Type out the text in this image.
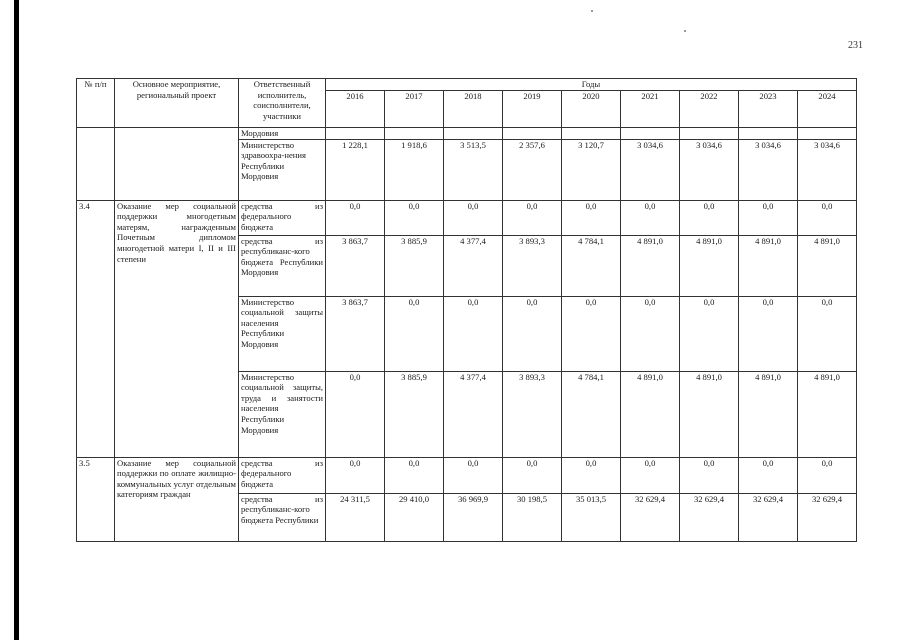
231
№ п/п	Основное мероприятие, региональный проект	Ответственный исполнитель, соисполнители, участники	Годы								
			2016	2017	2018	2019	2020	2021	2022	2023	2024
		Мордовия									
		Министерство здравоохра-нения Республики Мордовия	1 228,1	1 918,6	3 513,5	2 357,6	3 120,7	3 034,6	3 034,6	3 034,6	3 034,6
3.4	Оказание мер социальной поддержки многодетным матерям, награжденным Почетным дипломом многодетной матери I, II и III степени	средства из федерального бюджета	0,0	0,0	0,0	0,0	0,0	0,0	0,0	0,0	0,0
		средства из республиканс-кого бюджета Республики Мордовия	3 863,7	3 885,9	4 377,4	3 893,3	4 784,1	4 891,0	4 891,0	4 891,0	4 891,0
		Министерство социальной защиты населения Республики Мордовия	3 863,7	0,0	0,0	0,0	0,0	0,0	0,0	0,0	0,0
		Министерство социальной защиты, труда и занятости населения Республики Мордовия	0,0	3 885,9	4 377,4	3 893,3	4 784,1	4 891,0	4 891,0	4 891,0	4 891,0
3.5	Оказание мер социальной поддержки по оплате жилищно-коммунальных услуг отдельным категориям граждан	средства из федерального бюджета	0,0	0,0	0,0	0,0	0,0	0,0	0,0	0,0	0,0
		средства из республиканс-кого бюджета Республики	24 311,5	29 410,0	36 969,9	30 198,5	35 013,5	32 629,4	32 629,4	32 629,4	32 629,4
